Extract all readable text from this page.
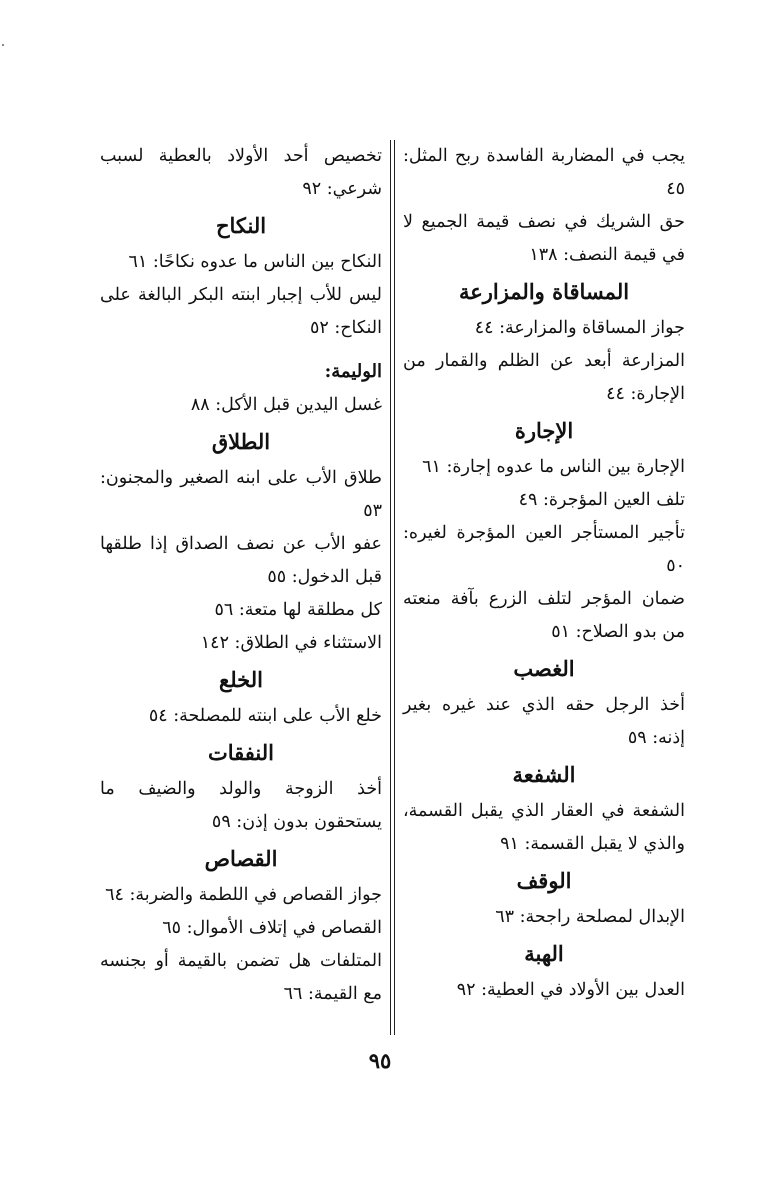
يجب في المضاربة الفاسدة ربح المثل: ٤٥

حق الشريك في نصف قيمة الجميع لا في قيمة النصف: ١٣٨

المساقاة والمزارعة

جواز المساقاة والمزارعة: ٤٤

المزارعة أبعد عن الظلم والقمار من الإجارة: ٤٤

الإجارة

الإجارة بين الناس ما عدوه إجارة: ٦١

تلف العين المؤجرة: ٤٩

تأجير المستأجر العين المؤجرة لغيره: ٥٠

ضمان المؤجر لتلف الزرع بآفة منعته من بدو الصلاح: ٥١

الغصب

أخذ الرجل حقه الذي عند غيره بغير إذنه: ٥٩

الشفعة

الشفعة في العقار الذي يقبل القسمة، والذي لا يقبل القسمة: ٩١

الوقف

الإبدال لمصلحة راجحة: ٦٣

الهبة

العدل بين الأولاد في العطية: ٩٢

تخصيص أحد الأولاد بالعطية لسبب شرعي: ٩٢

النكاح

النكاح بين الناس ما عدوه نكاحًا: ٦١

ليس للأب إجبار ابنته البكر البالغة على النكاح: ٥٢

الوليمة:

غسل اليدين قبل الأكل: ٨٨

الطلاق

طلاق الأب على ابنه الصغير والمجنون: ٥٣

عفو الأب عن نصف الصداق إذا طلقها قبل الدخول: ٥٥

كل مطلقة لها متعة: ٥٦

الاستثناء في الطلاق: ١٤٢

الخلع

خلع الأب على ابنته للمصلحة: ٥٤

النفقات

أخذ الزوجة والولد والضيف ما يستحقون بدون إذن: ٥٩

القصاص

جواز القصاص في اللطمة والضربة: ٦٤

القصاص في إتلاف الأموال: ٦٥

المتلفات هل تضمن بالقيمة أو بجنسه مع القيمة: ٦٦

٩٥
